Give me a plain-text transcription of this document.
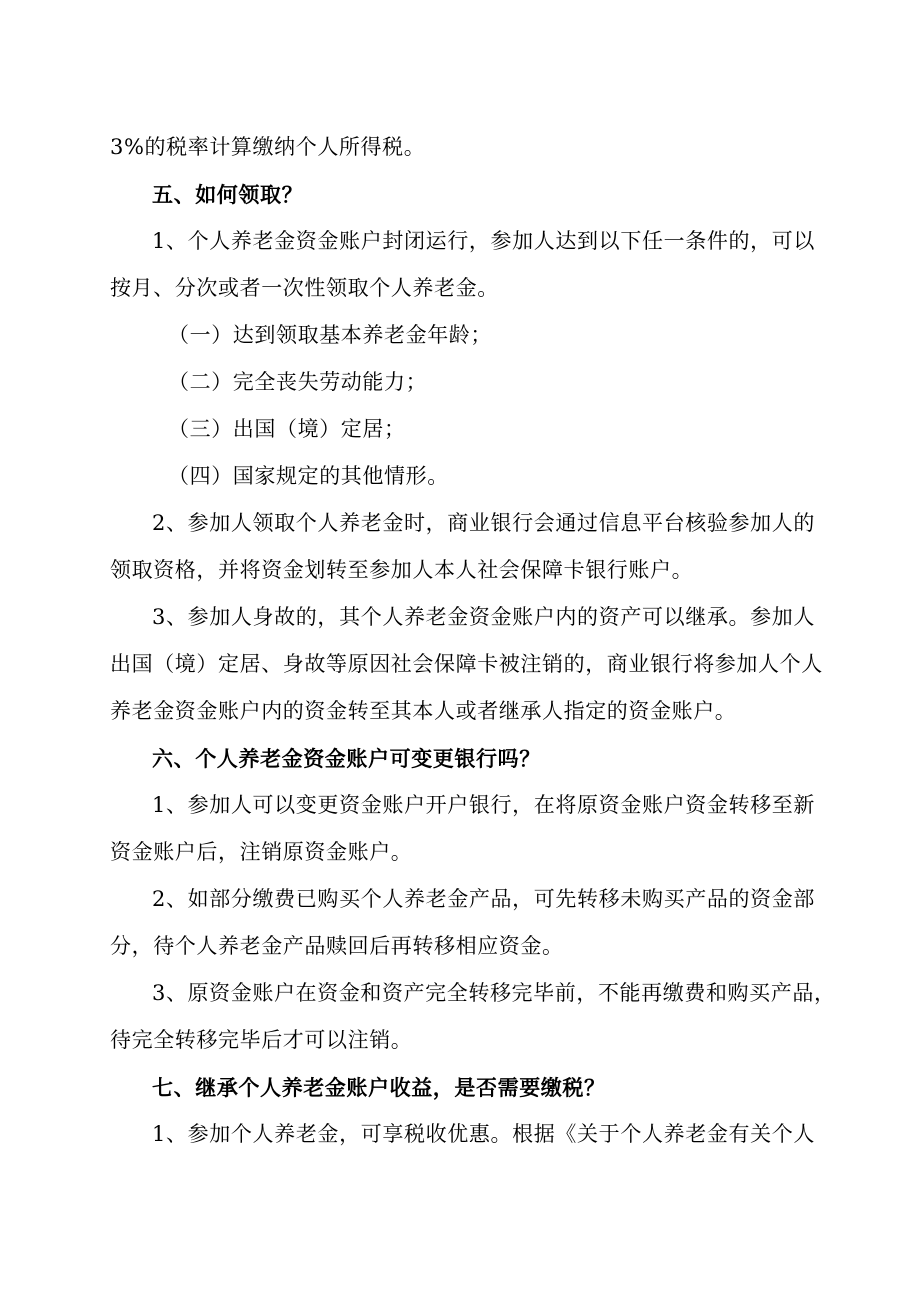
3%的税率计算缴纳个人所得税。
五、如何领取？
1、个人养老金资金账户封闭运行，参加人达到以下任一条件的，可以
按月、分次或者一次性领取个人养老金。
（一）达到领取基本养老金年龄；
（二）完全丧失劳动能力；
（三）出国（境）定居；
（四）国家规定的其他情形。
2、参加人领取个人养老金时，商业银行会通过信息平台核验参加人的
领取资格，并将资金划转至参加人本人社会保障卡银行账户。
3、参加人身故的，其个人养老金资金账户内的资产可以继承。参加人
出国（境）定居、身故等原因社会保障卡被注销的，商业银行将参加人个人
养老金资金账户内的资金转至其本人或者继承人指定的资金账户。
六、个人养老金资金账户可变更银行吗？
1、参加人可以变更资金账户开户银行，在将原资金账户资金转移至新
资金账户后，注销原资金账户。
2、如部分缴费已购买个人养老金产品，可先转移未购买产品的资金部
分，待个人养老金产品赎回后再转移相应资金。
3、原资金账户在资金和资产完全转移完毕前，不能再缴费和购买产品，
待完全转移完毕后才可以注销。
七、继承个人养老金账户收益，是否需要缴税？
1、参加个人养老金，可享税收优惠。根据《关于个人养老金有关个人
